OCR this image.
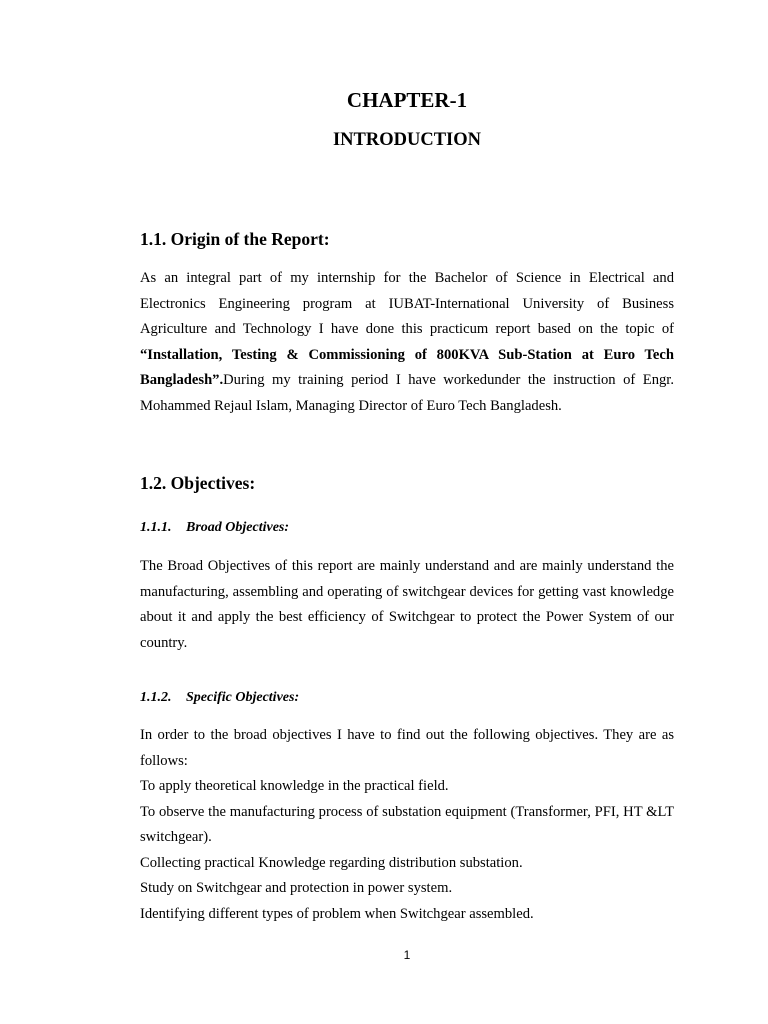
CHAPTER-1
INTRODUCTION
1.1. Origin of the Report:
As an integral part of my internship for the Bachelor of Science in Electrical and Electronics Engineering program at IUBAT-International University of Business Agriculture and Technology I have done this practicum report based on the topic of “Installation, Testing & Commissioning of 800KVA Sub-Station at Euro Tech Bangladesh”.During my training period I have workedunder the instruction of Engr. Mohammed Rejaul Islam, Managing Director of Euro Tech Bangladesh.
1.2. Objectives:
1.1.1. Broad Objectives:
The Broad Objectives of this report are mainly understand and are mainly understand the manufacturing, assembling and operating of switchgear devices for getting vast knowledge about it and apply the best efficiency of Switchgear to protect the Power System of our country.
1.1.2. Specific Objectives:
In order to the broad objectives I have to find out the following objectives. They are as follows:
To apply theoretical knowledge in the practical field.
To observe the manufacturing process of substation equipment (Transformer, PFI, HT &LT switchgear).
Collecting practical Knowledge regarding distribution substation.
Study on Switchgear and protection in power system.
Identifying different types of problem when Switchgear assembled.
1
